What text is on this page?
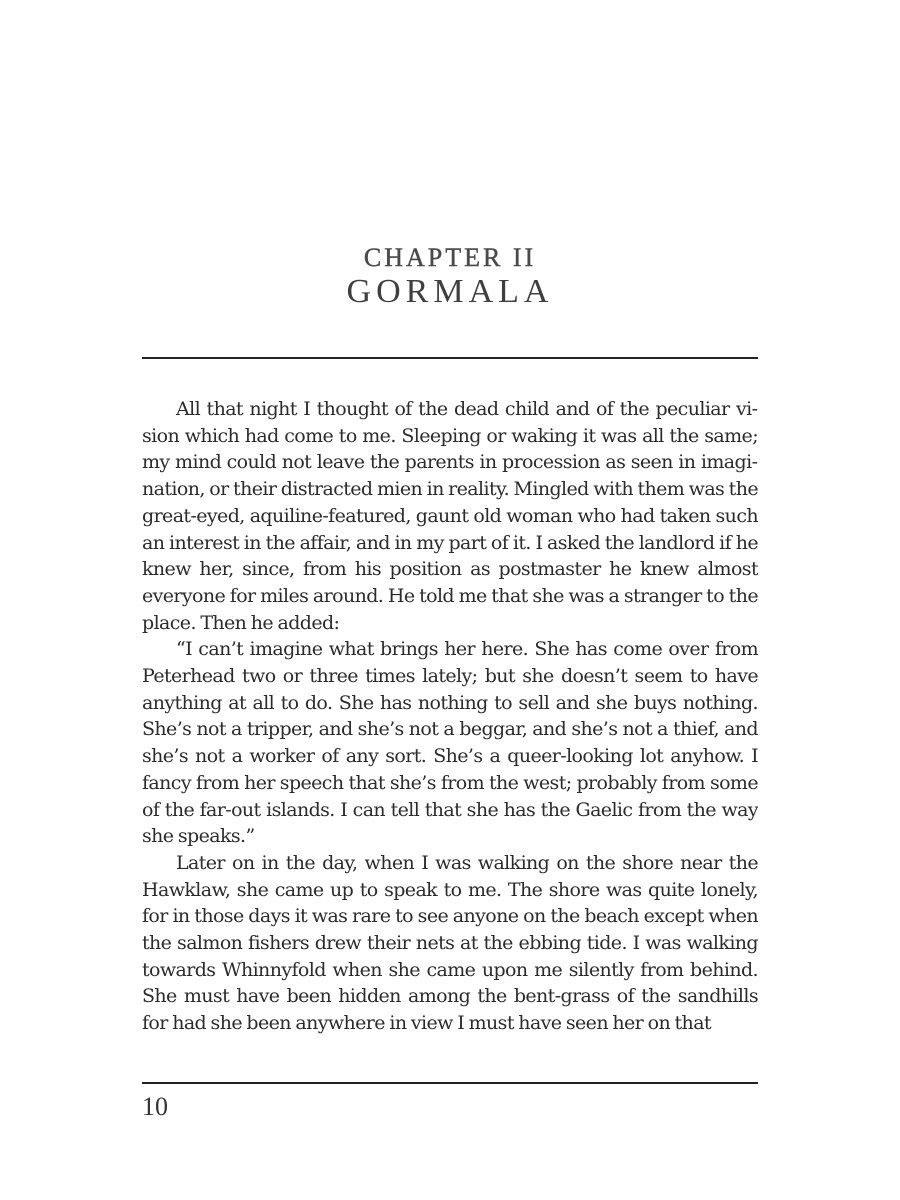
CHAPTER II
GORMALA

All that night I thought of the dead child and of the peculiar vision which had come to me. Sleeping or waking it was all the same; my mind could not leave the parents in procession as seen in imagination, or their distracted mien in reality. Mingled with them was the great-eyed, aquiline-featured, gaunt old woman who had taken such an interest in the affair, and in my part of it. I asked the landlord if he knew her, since, from his position as postmaster he knew almost everyone for miles around. He told me that she was a stranger to the place. Then he added:

“I can’t imagine what brings her here. She has come over from Peterhead two or three times lately; but she doesn’t seem to have anything at all to do. She has nothing to sell and she buys nothing. She’s not a tripper, and she’s not a beggar, and she’s not a thief, and she’s not a worker of any sort. She’s a queer-looking lot anyhow. I fancy from her speech that she’s from the west; probably from some of the far-out islands. I can tell that she has the Gaelic from the way she speaks.”

Later on in the day, when I was walking on the shore near the Hawklaw, she came up to speak to me. The shore was quite lonely, for in those days it was rare to see anyone on the beach except when the salmon fishers drew their nets at the ebbing tide. I was walking towards Whinnyfold when she came upon me silently from behind. She must have been hidden among the bent-grass of the sandhills for had she been anywhere in view I must have seen her on that

10
